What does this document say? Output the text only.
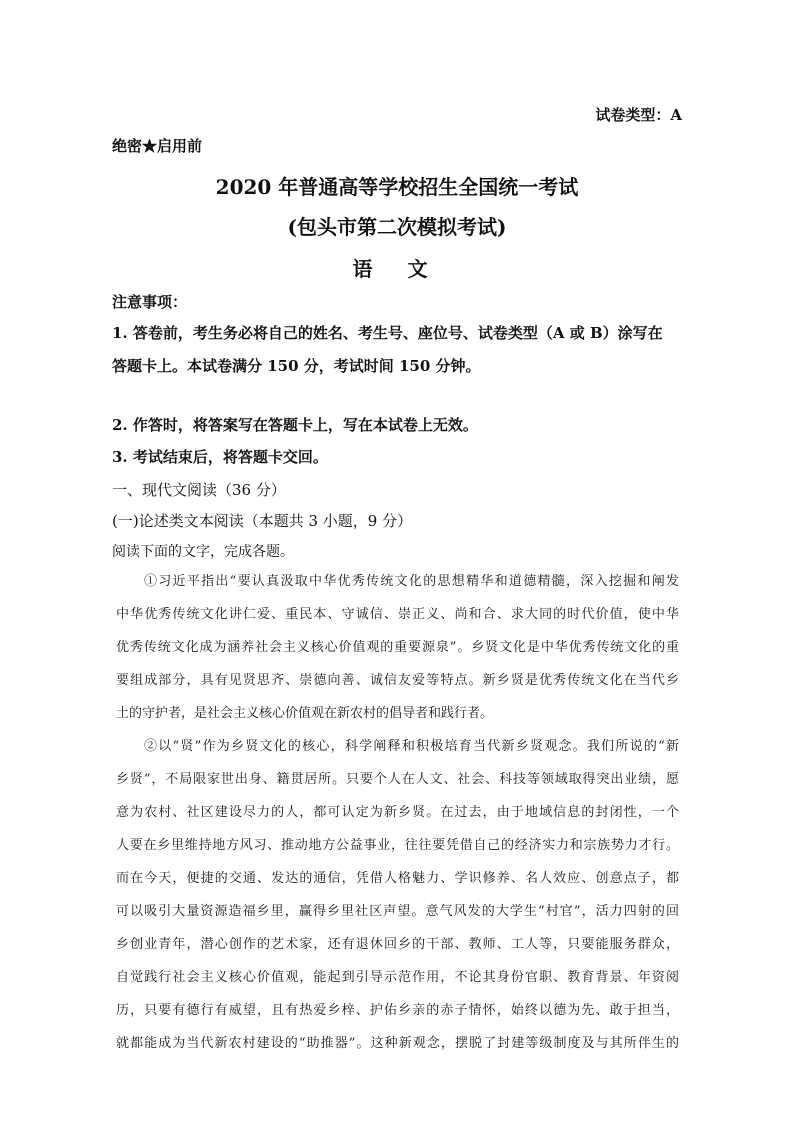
试卷类型：A
绝密★启用前
2020 年普通高等学校招生全国统一考试
(包头市第二次模拟考试)
语 文
注意事项：
1. 答卷前，考生务必将自己的姓名、考生号、座位号、试卷类型（A 或 B）涂写在
答题卡上。本试卷满分 150 分，考试时间 150 分钟。
2. 作答时，将答案写在答题卡上，写在本试卷上无效。
3. 考试结束后，将答题卡交回。
一、现代文阅读（36 分）
(一)论述类文本阅读（本题共 3 小题，9 分）
阅读下面的文字，完成各题。
①习近平指出“要认真汲取中华优秀传统文化的思想精华和道德精髓，深入挖掘和阐发
中华优秀传统文化讲仁爱、重民本、守诚信、崇正义、尚和合、求大同的时代价值，使中华
优秀传统文化成为涵养社会主义核心价值观的重要源泉”。乡贤文化是中华优秀传统文化的重
要组成部分，具有见贤思齐、崇德向善、诚信友爱等特点。新乡贤是优秀传统文化在当代乡
土的守护者，是社会主义核心价值观在新农村的倡导者和践行者。
②以“贤”作为乡贤文化的核心，科学阐释和积极培育当代新乡贤观念。我们所说的“新
乡贤”，不局限家世出身、籍贯居所。只要个人在人文、社会、科技等领域取得突出业绩，愿
意为农村、社区建设尽力的人，都可认定为新乡贤。在过去，由于地域信息的封闭性，一个
人要在乡里维持地方风习、推动地方公益事业，往往要凭借自己的经济实力和宗族势力才行。
而在今天，便捷的交通、发达的通信，凭借人格魅力、学识修养、名人效应、创意点子，都
可以吸引大量资源造福乡里，赢得乡里社区声望。意气风发的大学生“村官”，活力四射的回
乡创业青年，潜心创作的艺术家，还有退休回乡的干部、教师、工人等，只要能服务群众，
自觉践行社会主义核心价值观，能起到引导示范作用，不论其身份官职、教育背景、年资阅
历，只要有德行有威望，且有热爱乡梓、护佑乡亲的赤子情怀，始终以德为先、敢于担当，
就都能成为当代新农村建设的“助推器”。这种新观念，摆脱了封建等级制度及与其所伴生的
